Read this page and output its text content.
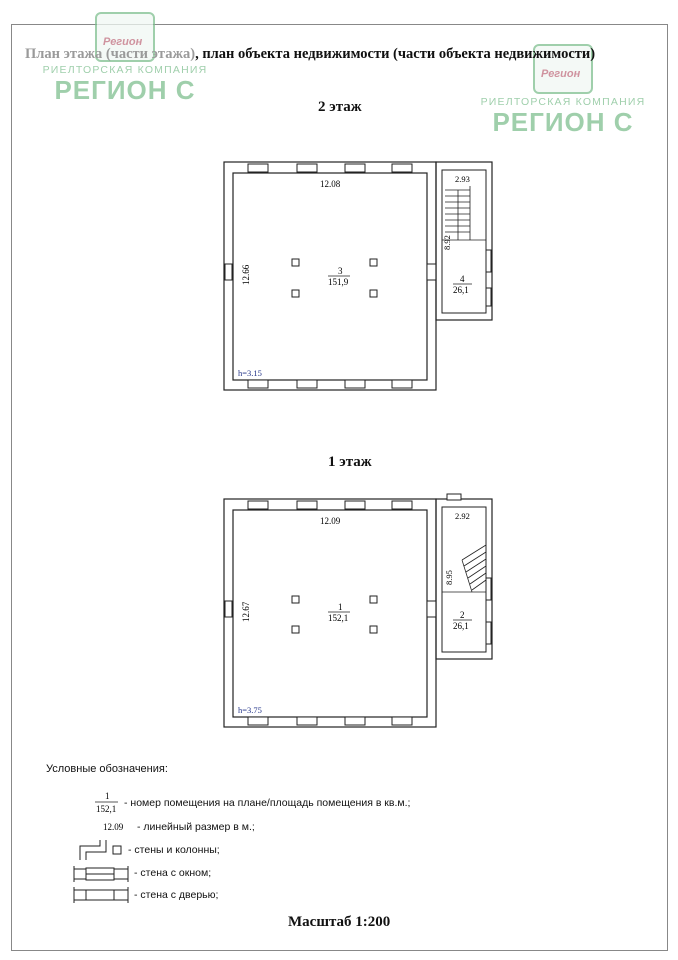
Регион
РИЕЛТОРСКАЯ КОМПАНИЯ
РЕГИОН С
Регион
РИЕЛТОРСКАЯ КОМПАНИЯ
РЕГИОН С
План этажа (части этажа), план объекта недвижимости (части объекта недвижимости)
2 этаж
1 этаж
12.08
12.66	3
151,9
h=3.15
2.93
8.92
4
26,1
12.09
12.67	1
152,1
h=3.75
2.92
8.95
2
26,1
Условные обозначения:
1
152,1
12.09
- номер помещения на плане/площадь помещения в кв.м.;
- линейный размер в м.;
- стены и колонны;
- стена с окном;
- стена с дверью;
Масштаб 1:200
